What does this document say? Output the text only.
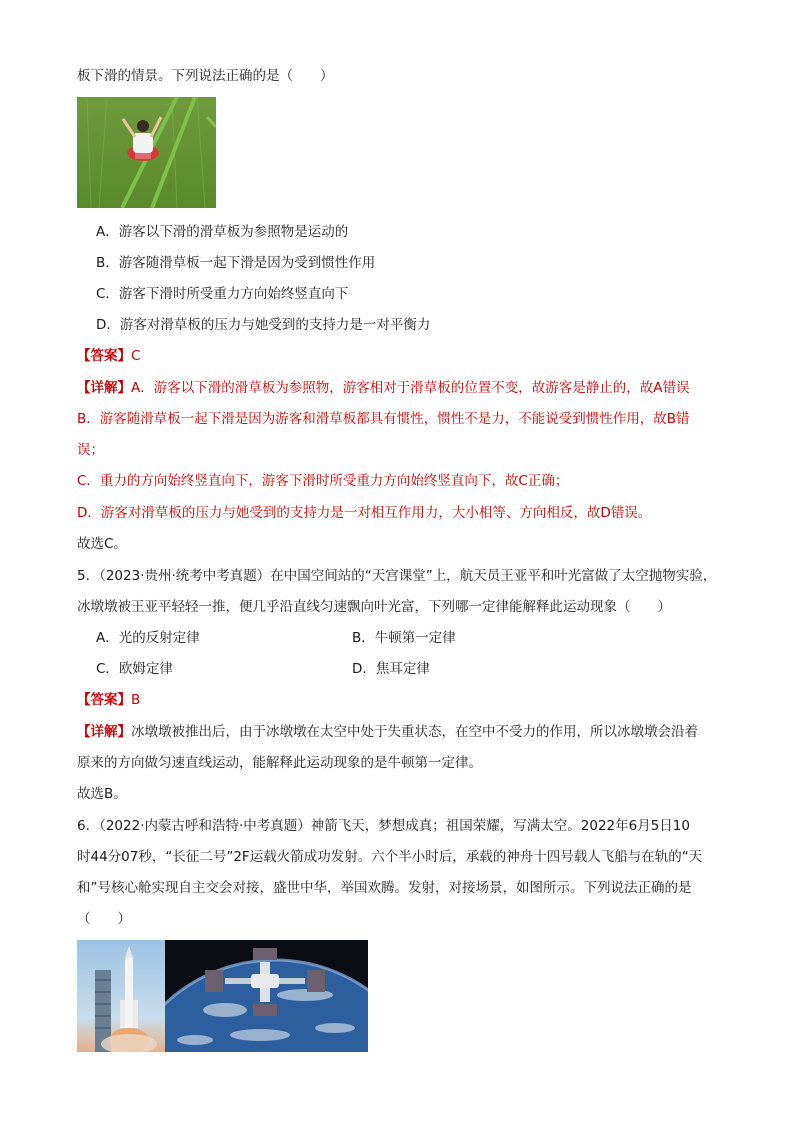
板下滑的情景。下列说法正确的是（　　）
A．游客以下滑的滑草板为参照物是运动的
B．游客随滑草板一起下滑是因为受到惯性作用
C．游客下滑时所受重力方向始终竖直向下
D．游客对滑草板的压力与她受到的支持力是一对平衡力
【答案】C
【详解】A．游客以下滑的滑草板为参照物，游客相对于滑草板的位置不变，故游客是静止的，故A错误
B．游客随滑草板一起下滑是因为游客和滑草板都具有惯性，惯性不是力，不能说受到惯性作用，故B错
误；
C．重力的方向始终竖直向下，游客下滑时所受重力方向始终竖直向下，故C正确；
D．游客对滑草板的压力与她受到的支持力是一对相互作用力，大小相等、方向相反，故D错误。
故选C。
5．（2023·贵州·统考中考真题）在中国空间站的“天宫课堂”上，航天员王亚平和叶光富做了太空抛物实验，
冰墩墩被王亚平轻轻一推，便几乎沿直线匀速飘向叶光富，下列哪一定律能解释此运动现象（　　）
A．光的反射定律	B．牛顿第一定律
C．欧姆定律	D．焦耳定律
【答案】B
【详解】冰墩墩被推出后，由于冰墩墩在太空中处于失重状态，在空中不受力的作用，所以冰墩墩会沿着
原来的方向做匀速直线运动，能解释此运动现象的是牛顿第一定律。
故选B。
6．（2022·内蒙古呼和浩特·中考真题）神箭飞天，梦想成真；祖国荣耀，写满太空。2022年6月5日10
时44分07秒，“长征二号”2F运载火箭成功发射。六个半小时后，承载的神舟十四号载人飞船与在轨的“天
和”号核心舱实现自主交会对接，盛世中华，举国欢腾。发射，对接场景，如图所示。下列说法正确的是
（　　）
